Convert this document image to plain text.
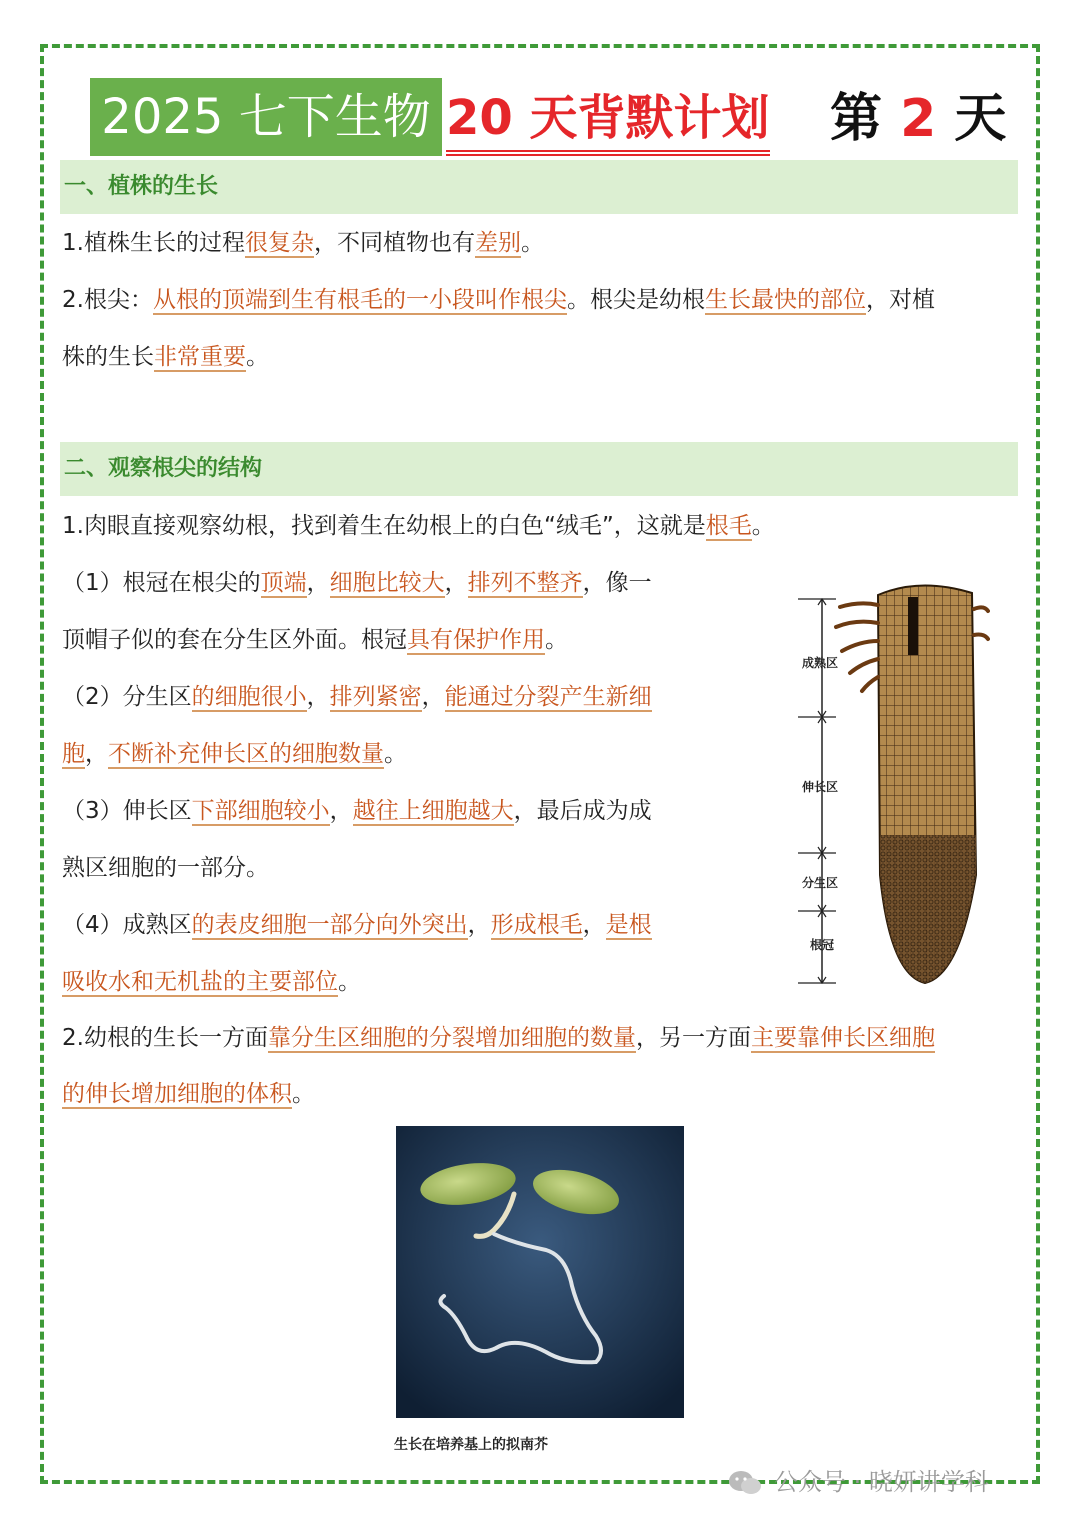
2025 七下生物 20 天背默计划 第 2 天
一、植株的生长
1.植株生长的过程很复杂，不同植物也有差别。
2.根尖：从根的顶端到生有根毛的一小段叫作根尖。根尖是幼根生长最快的部位，对植
株的生长非常重要。
二、观察根尖的结构
1.肉眼直接观察幼根，找到着生在幼根上的白色“绒毛”，这就是根毛。
（1）根冠在根尖的顶端，细胞比较大，排列不整齐，像一
顶帽子似的套在分生区外面。根冠具有保护作用。
（2）分生区的细胞很小，排列紧密，能通过分裂产生新细
胞，不断补充伸长区的细胞数量。
（3）伸长区下部细胞较小，越往上细胞越大，最后成为成
熟区细胞的一部分。
（4）成熟区的表皮细胞一部分向外突出，形成根毛，是根
吸收水和无机盐的主要部位。
2.幼根的生长一方面靠分生区细胞的分裂增加细胞的数量，另一方面主要靠伸长区细胞
的伸长增加细胞的体积。
成熟区
伸长区
分生区
根冠
生长在培养基上的拟南芥
公众号 · 晓妍讲学科
